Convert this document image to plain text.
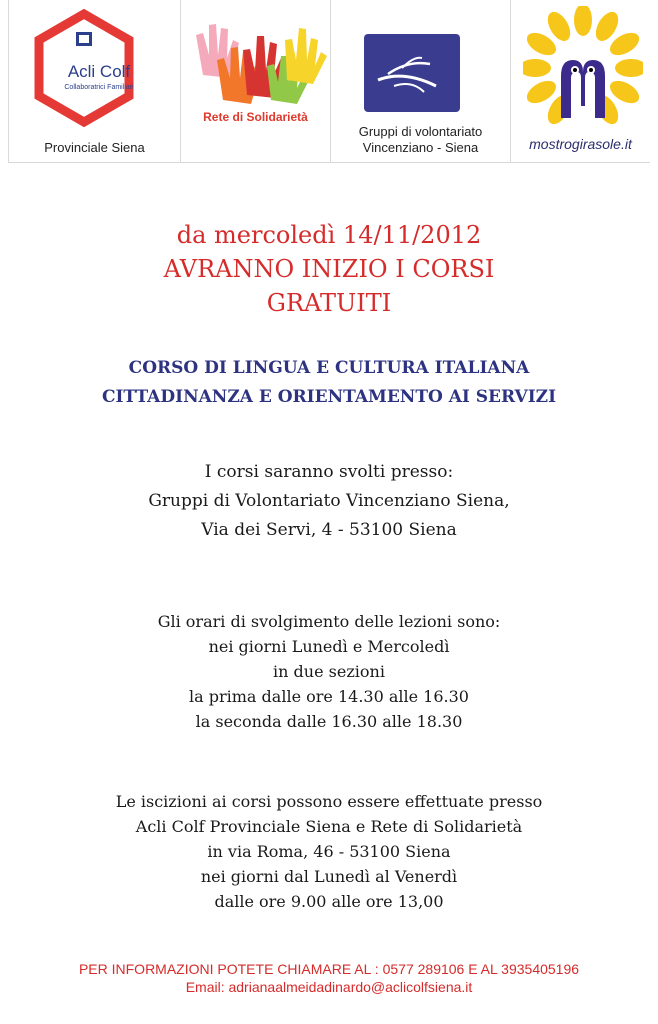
Acli Colf
Collaboratrici Familiari
Provinciale Siena
Rete di Solidarietà
Gruppi di volontariato
Vincenziano - Siena	mostrogirasole.it
da mercoledì 14/11/2012
AVRANNO INIZIO I CORSI
GRATUITI
CORSO DI LINGUA E CULTURA ITALIANA
CITTADINANZA E ORIENTAMENTO AI SERVIZI
I corsi saranno svolti presso:
Gruppi di Volontariato Vincenziano Siena,
Via dei Servi, 4 - 53100 Siena
Gli orari di svolgimento delle lezioni sono:
nei giorni Lunedì e Mercoledì
in due sezioni
la prima dalle ore 14.30 alle 16.30
la seconda dalle 16.30 alle 18.30
Le iscizioni ai corsi possono essere effettuate presso
Acli Colf Provinciale Siena e Rete di Solidarietà
in via Roma, 46 - 53100 Siena
nei giorni dal Lunedì al Venerdì
dalle ore 9.00 alle ore 13,00
PER INFORMAZIONI POTETE CHIAMARE AL : 0577 289106 E AL 3935405196
Email: adrianaalmeidadinardo@aclicolfsiena.it
